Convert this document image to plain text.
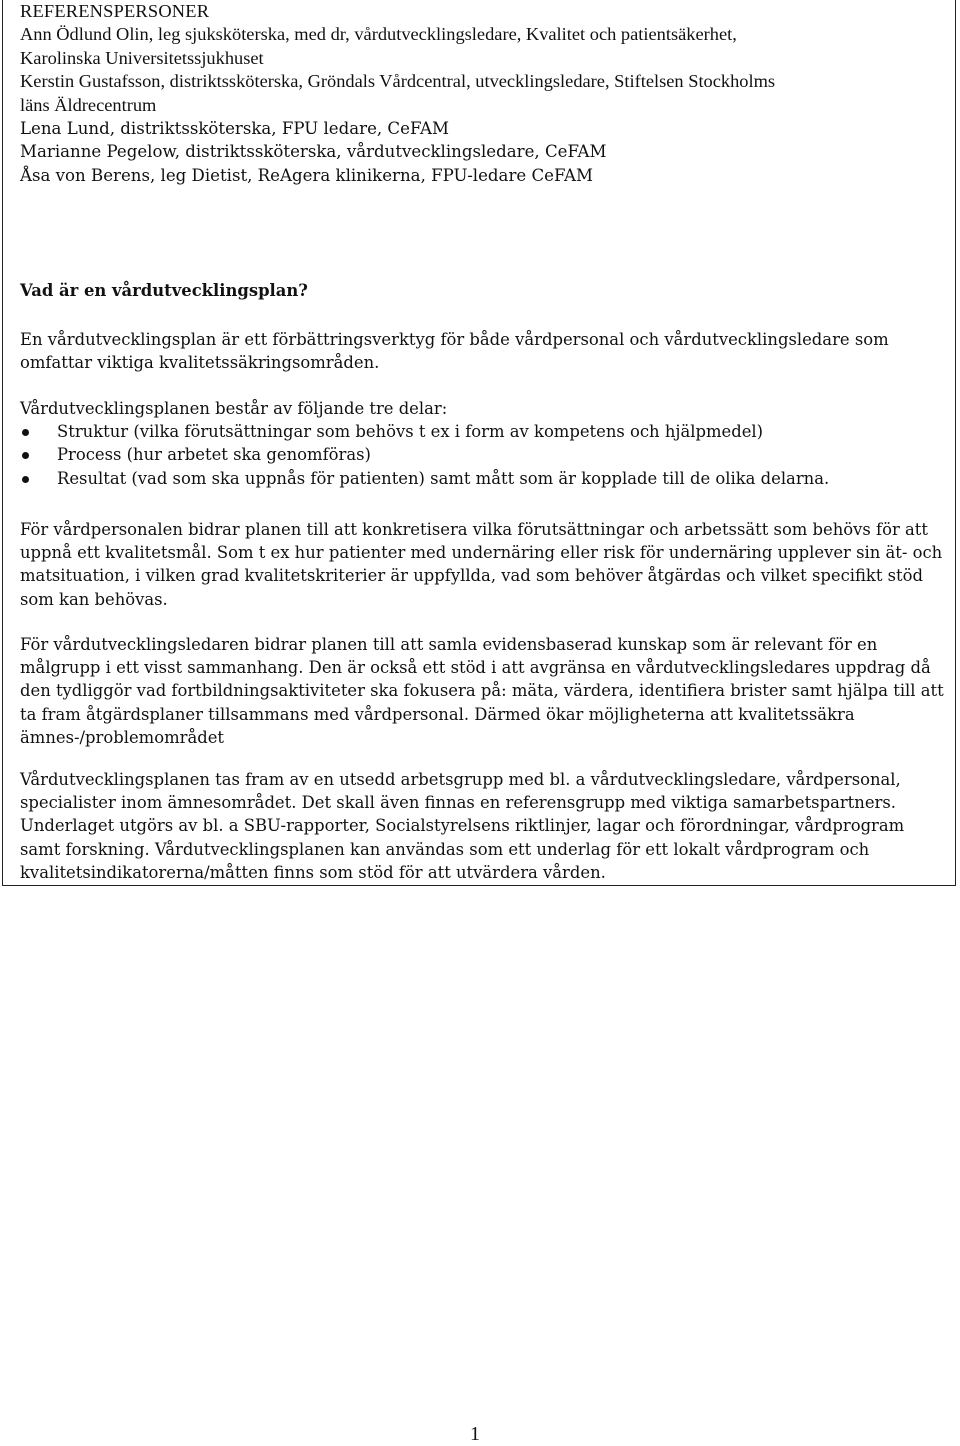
REFERENSPERSONER
Ann Ödlund Olin, leg sjuksköterska, med dr, vårdutvecklingsledare, Kvalitet och patientsäkerhet,
Karolinska Universitetssjukhuset
Kerstin Gustafsson, distriktssköterska, Gröndals Vårdcentral, utvecklingsledare, Stiftelsen Stockholms
läns Äldrecentrum
Lena Lund, distriktssköterska, FPU ledare, CeFAM
Marianne Pegelow, distriktssköterska, vårdutvecklingsledare, CeFAM
Åsa von Berens, leg Dietist, ReAgera klinikerna, FPU-ledare CeFAM
Vad är en vårdutvecklingsplan?

En vårdutvecklingsplan är ett förbättringsverktyg för både vårdpersonal och vårdutvecklingsledare som omfattar viktiga kvalitetssäkringsområden.

Vårdutvecklingsplanen består av följande tre delar:

Struktur (vilka förutsättningar som behövs t ex i form av kompetens och hjälpmedel)
Process (hur arbetet ska genomföras)
Resultat (vad som ska uppnås för patienten) samt mått som är kopplade till de olika delarna.

För vårdpersonalen bidrar planen till att konkretisera vilka förutsättningar och arbetssätt som behövs för att uppnå ett kvalitetsmål. Som t ex hur patienter med undernäring eller risk för undernäring upplever sin ät- och matsituation, i vilken grad kvalitetskriterier är uppfyllda, vad som behöver åtgärdas och vilket specifikt stöd som kan behövas.

För vårdutvecklingsledaren bidrar planen till att samla evidensbaserad kunskap som är relevant för en målgrupp i ett visst sammanhang. Den är också ett stöd i att avgränsa en vårdutvecklingsledares uppdrag då den tydliggör vad fortbildningsaktiviteter ska fokusera på: mäta, värdera, identifiera brister samt hjälpa till att ta fram åtgärdsplaner tillsammans med vårdpersonal. Därmed ökar möjligheterna att kvalitetssäkra ämnes-/problemområdet

Vårdutvecklingsplanen tas fram av en utsedd arbetsgrupp med bl. a vårdutvecklingsledare, vårdpersonal, specialister inom ämnesområdet. Det skall även finnas en referensgrupp med viktiga samarbetspartners. Underlaget utgörs av bl. a SBU-rapporter, Socialstyrelsens riktlinjer, lagar och förordningar, vårdprogram samt forskning. Vårdutvecklingsplanen kan användas som ett underlag för ett lokalt vårdprogram och kvalitetsindikatorerna/måtten finns som stöd för att utvärdera vården.

1
